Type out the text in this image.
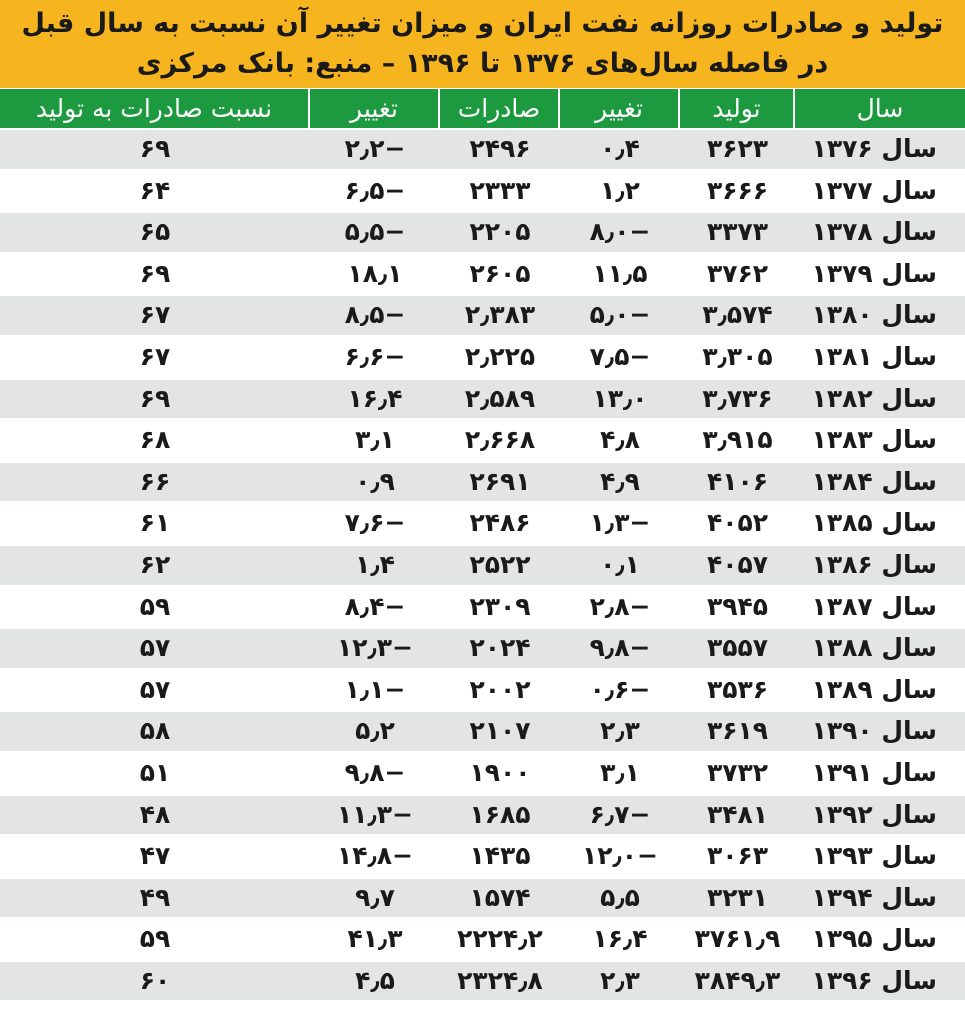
تولید و صادرات روزانه نفت ایران و میزان تغییر آن نسبت به سال قبل
در فاصله سال‌های ۱۳۷۶ تا ۱۳۹۶ – منبع: بانک مرکزی
سال
تولید
تغییر
صادرات
تغییر
نسبت صادرات به تولید
سال ۱۳۷۶
۳۶۲۳
۰٫۴
۲۴۹۶
−۲٫۲
۶۹
سال ۱۳۷۷
۳۶۶۶
۱٫۲
۲۳۳۳
−۶٫۵
۶۴
سال ۱۳۷۸
۳۳۷۳
−۸٫۰
۲۲۰۵
−۵٫۵
۶۵
سال ۱۳۷۹
۳۷۶۲
۱۱٫۵
۲۶۰۵
۱۸٫۱
۶۹
سال ۱۳۸۰
۳٫۵۷۴
−۵٫۰
۲٫۳۸۳
−۸٫۵
۶۷
سال ۱۳۸۱
۳٫۳۰۵
−۷٫۵
۲٫۲۲۵
−۶٫۶
۶۷
سال ۱۳۸۲
۳٫۷۳۶
۱۳٫۰
۲٫۵۸۹
۱۶٫۴
۶۹
سال ۱۳۸۳
۳٫۹۱۵
۴٫۸
۲٫۶۶۸
۳٫۱
۶۸
سال ۱۳۸۴
۴۱۰۶
۴٫۹
۲۶۹۱
۰٫۹
۶۶
سال ۱۳۸۵
۴۰۵۲
−۱٫۳
۲۴۸۶
−۷٫۶
۶۱
سال ۱۳۸۶
۴۰۵۷
۰٫۱
۲۵۲۲
۱٫۴
۶۲
سال ۱۳۸۷
۳۹۴۵
−۲٫۸
۲۳۰۹
−۸٫۴
۵۹
سال ۱۳۸۸
۳۵۵۷
−۹٫۸
۲۰۲۴
−۱۲٫۳
۵۷
سال ۱۳۸۹
۳۵۳۶
−۰٫۶
۲۰۰۲
−۱٫۱
۵۷
سال ۱۳۹۰
۳۶۱۹
۲٫۳
۲۱۰۷
۵٫۲
۵۸
سال ۱۳۹۱
۳۷۳۲
۳٫۱
۱۹۰۰
−۹٫۸
۵۱
سال ۱۳۹۲
۳۴۸۱
−۶٫۷
۱۶۸۵
−۱۱٫۳
۴۸
سال ۱۳۹۳
۳۰۶۳
−۱۲٫۰
۱۴۳۵
−۱۴٫۸
۴۷
سال ۱۳۹۴
۳۲۳۱
۵٫۵
۱۵۷۴
۹٫۷
۴۹
سال ۱۳۹۵
۳۷۶۱٫۹
۱۶٫۴
۲۲۲۴٫۲
۴۱٫۳
۵۹
سال ۱۳۹۶
۳۸۴۹٫۳
۲٫۳
۲۳۲۴٫۸
۴٫۵
۶۰
